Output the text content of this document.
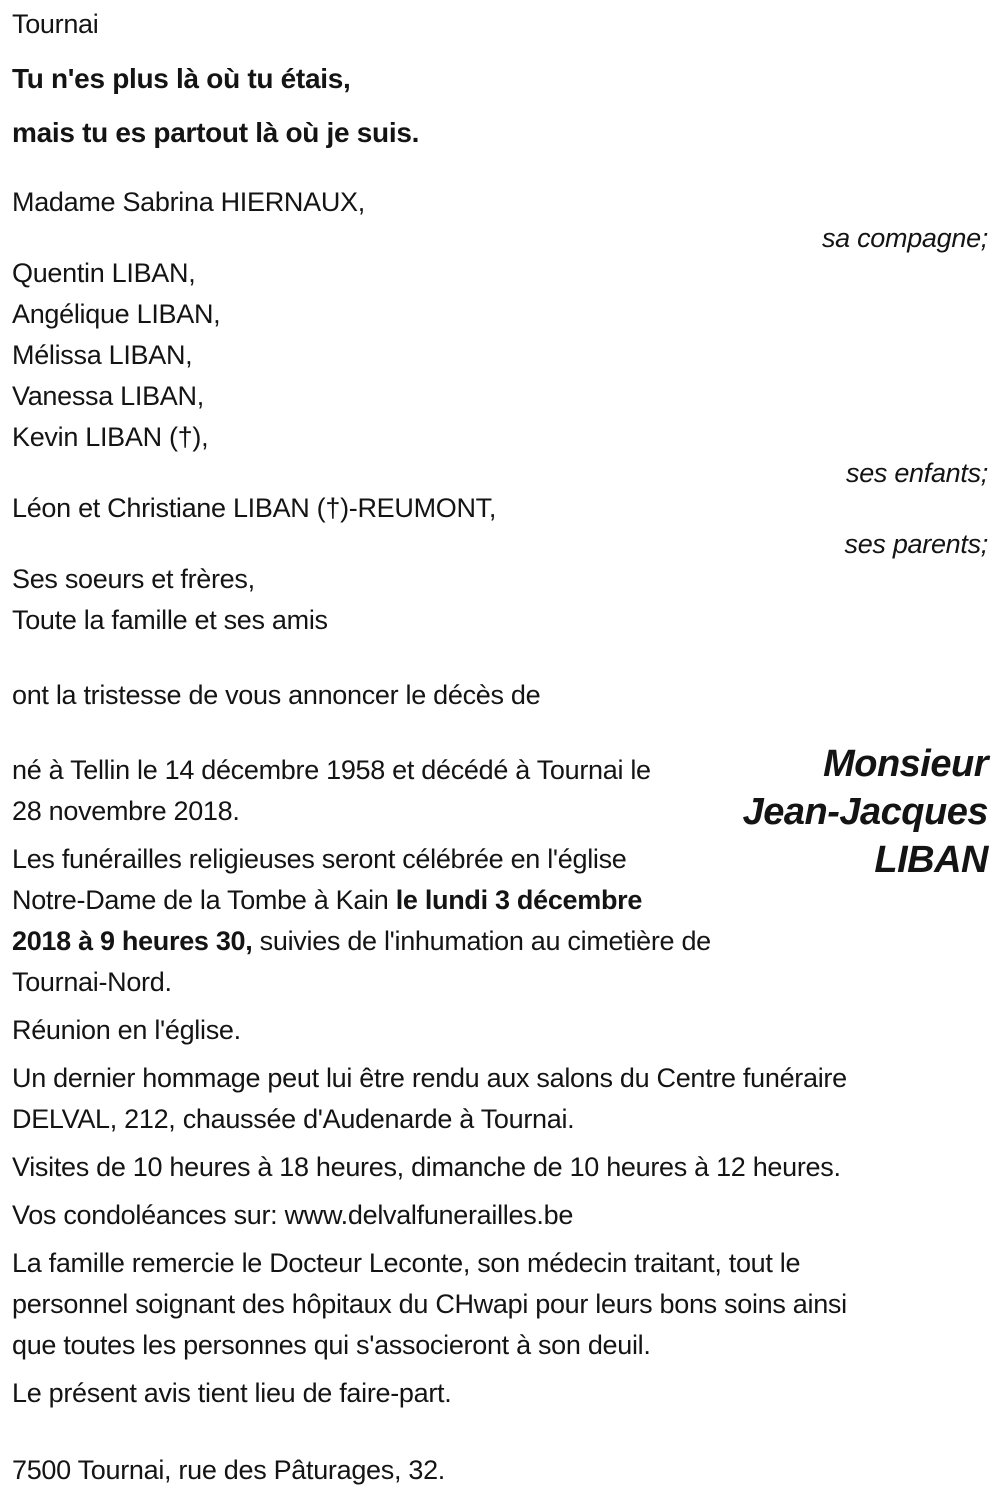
Tournai
Tu n'es plus là où tu étais,
mais tu es partout là où je suis.
Madame Sabrina HIERNAUX,
sa compagne;
Quentin LIBAN,
Angélique LIBAN,
Mélissa LIBAN,
Vanessa LIBAN,
Kevin LIBAN (†),
ses enfants;
Léon et Christiane LIBAN (†)-REUMONT,
ses parents;
Ses soeurs et frères,
Toute la famille et ses amis
ont la tristesse de vous annoncer le décès de
Monsieur
Jean-Jacques
LIBAN
né à Tellin le 14 décembre 1958 et décédé à Tournai le
28 novembre 2018.
Les funérailles religieuses seront célébrée en l'église
Notre-Dame de la Tombe à Kain le lundi 3 décembre
2018 à 9 heures 30, suivies de l'inhumation au cimetière de
Tournai-Nord.
Réunion en l'église.
Un dernier hommage peut lui être rendu aux salons du Centre funéraire
DELVAL, 212, chaussée d'Audenarde à Tournai.
Visites de 10 heures à 18 heures, dimanche de 10 heures à 12 heures.
Vos condoléances sur: www.delvalfunerailles.be
La famille remercie le Docteur Leconte, son médecin traitant, tout le
personnel soignant des hôpitaux du CHwapi pour leurs bons soins ainsi
que toutes les personnes qui s'associeront à son deuil.
Le présent avis tient lieu de faire-part.
7500 Tournai, rue des Pâturages, 32.
